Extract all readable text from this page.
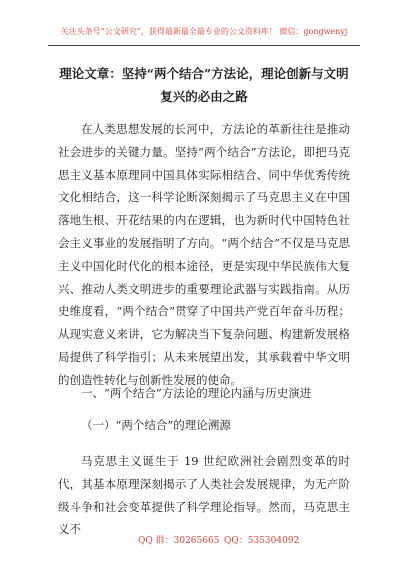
关注头条号“公文研究”，获得最新最全最专业的公文资料库！ 微信：gongwenyj
理论文章：坚持“两个结合”方法论，理论创新与文明复兴的必由之路

在人类思想发展的长河中，方法论的革新往往是推动社会进步的关键力量。坚持“两个结合”方法论，即把马克思主义基本原理同中国具体实际相结合、同中华优秀传统文化相结合，这一科学论断深刻揭示了马克思主义在中国落地生根、开花结果的内在逻辑，也为新时代中国特色社会主义事业的发展指明了方向。“两个结合”不仅是马克思主义中国化时代化的根本途径，更是实现中华民族伟大复兴、推动人类文明进步的重要理论武器与实践指南。从历史维度看，“两个结合”贯穿了中国共产党百年奋斗历程；从现实意义来讲，它为解决当下复杂问题、构建新发展格局提供了科学指引；从未来展望出发，其承载着中华文明的创造性转化与创新性发展的使命。

一、“两个结合”方法论的理论内涵与历史演进
（一）“两个结合”的理论溯源

马克思主义诞生于 19 世纪欧洲社会剧烈变革的时代，其基本原理深刻揭示了人类社会发展规律，为无产阶级斗争和社会变革提供了科学理论指导。然而，马克思主义不

QQ 群：30265665 QQ：535304092
